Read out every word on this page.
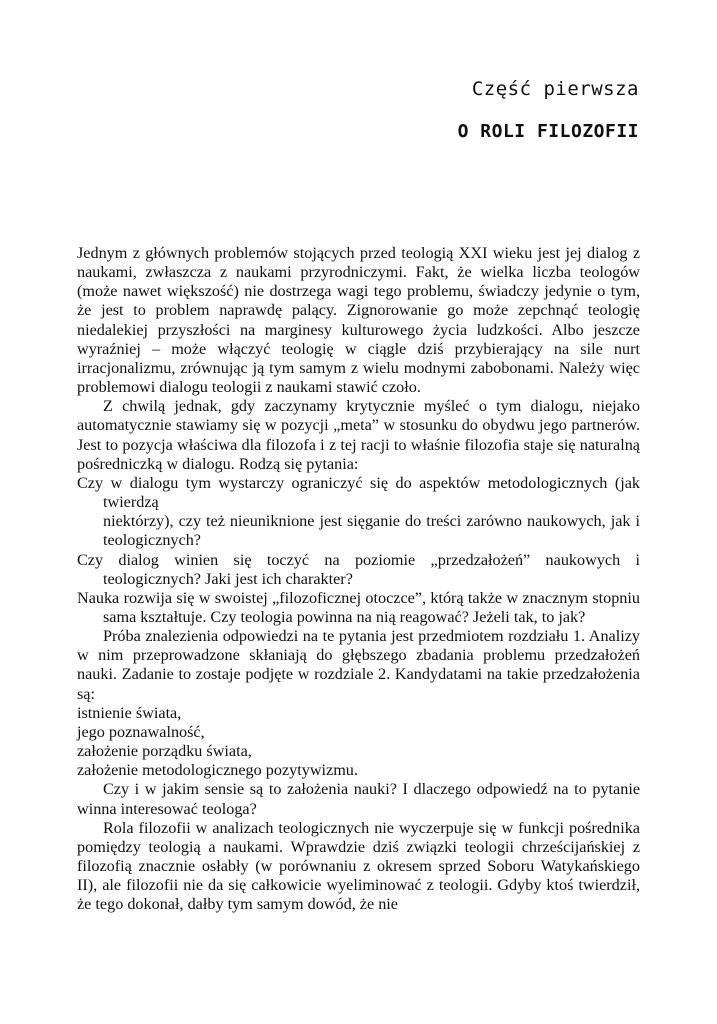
Część pierwsza
O ROLI FILOZOFII

Jednym z głównych problemów stojących przed teologią XXI wieku jest jej dialog z naukami, zwłaszcza z naukami przyrodniczymi. Fakt, że wielka liczba teologów (może nawet większość) nie dostrzega wagi tego problemu, świadczy jedynie o tym, że jest to problem naprawdę palący. Zignorowanie go może zepchnąć teologię niedalekiej przyszłości na marginesy kulturowego życia ludzkości. Albo jeszcze wyraźniej – może włączyć teologię w ciągle dziś przybierający na sile nurt irracjonalizmu, zrównując ją tym samym z wielu modnymi zabobonami. Należy więc problemowi dialogu teologii z naukami stawić czoło.

Z chwilą jednak, gdy zaczynamy krytycznie myśleć o tym dialogu, niejako automatycznie stawiamy się w pozycji „meta” w stosunku do obydwu jego partnerów. Jest to pozycja właściwa dla filozofa i z tej racji to właśnie filozofia staje się naturalną pośredniczką w dialogu. Rodzą się pytania:

Czy w dialogu tym wystarczy ograniczyć się do aspektów metodologicznych (jak twierdzą

niektórzy), czy też nieuniknione jest sięganie do treści zarówno naukowych, jak i teologicznych?

Czy dialog winien się toczyć na poziomie „przedzałożeń” naukowych i teologicznych? Jaki jest ich charakter?

Nauka rozwija się w swoistej „filozoficznej otoczce”, którą także w znacznym stopniu sama kształtuje. Czy teologia powinna na nią reagować? Jeżeli tak, to jak?

Próba znalezienia odpowiedzi na te pytania jest przedmiotem rozdziału 1. Analizy w nim przeprowadzone skłaniają do głębszego zbadania problemu przedzałożeń nauki. Zadanie to zostaje podjęte w rozdziale 2. Kandydatami na takie przedzałożenia są:

istnienie świata,

jego poznawalność,

założenie porządku świata,

założenie metodologicznego pozytywizmu.

Czy i w jakim sensie są to założenia nauki? I dlaczego odpowiedź na to pytanie winna interesować teologa?

Rola filozofii w analizach teologicznych nie wyczerpuje się w funkcji pośrednika pomiędzy teologią a naukami. Wprawdzie dziś związki teologii chrześcijańskiej z filozofią znacznie osłabły (w porównaniu z okresem sprzed Soboru Watykańskiego II), ale filozofii nie da się całkowicie wyeliminować z teologii. Gdyby ktoś twierdził, że tego dokonał, dałby tym samym dowód, że nie
